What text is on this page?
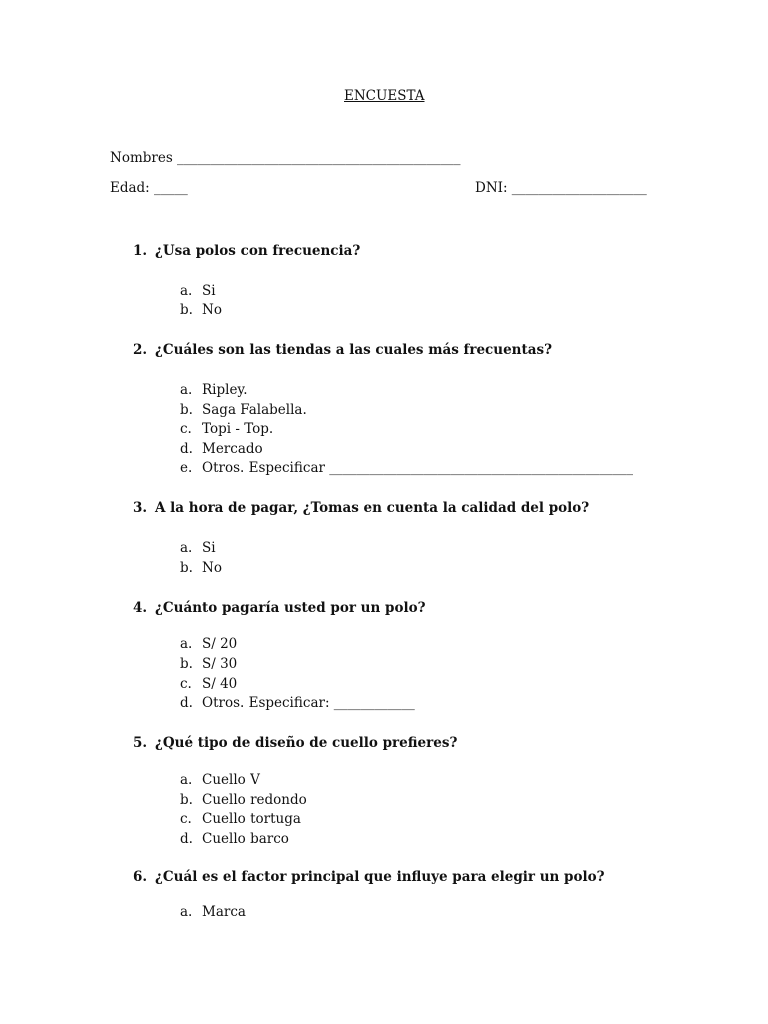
ENCUESTA
Nombres __________________________________________
Edad: _____	DNI: ____________________
1. ¿Usa polos con frecuencia?
a. Si
b. No
2. ¿Cuáles son las tiendas a las cuales más frecuentas?
a. Ripley.
b. Saga Falabella.
c. Topi - Top.
d. Mercado
e. Otros. Especificar _____________________________________________
3. A la hora de pagar, ¿Tomas en cuenta la calidad del polo?
a. Si
b. No
4. ¿Cuánto pagaría usted por un polo?
a. S/ 20
b. S/ 30
c. S/ 40
d. Otros. Especificar: ____________
5. ¿Qué tipo de diseño de cuello prefieres?
a. Cuello V
b. Cuello redondo
c. Cuello tortuga
d. Cuello barco
6. ¿Cuál es el factor principal que influye para elegir un polo?
a. Marca
